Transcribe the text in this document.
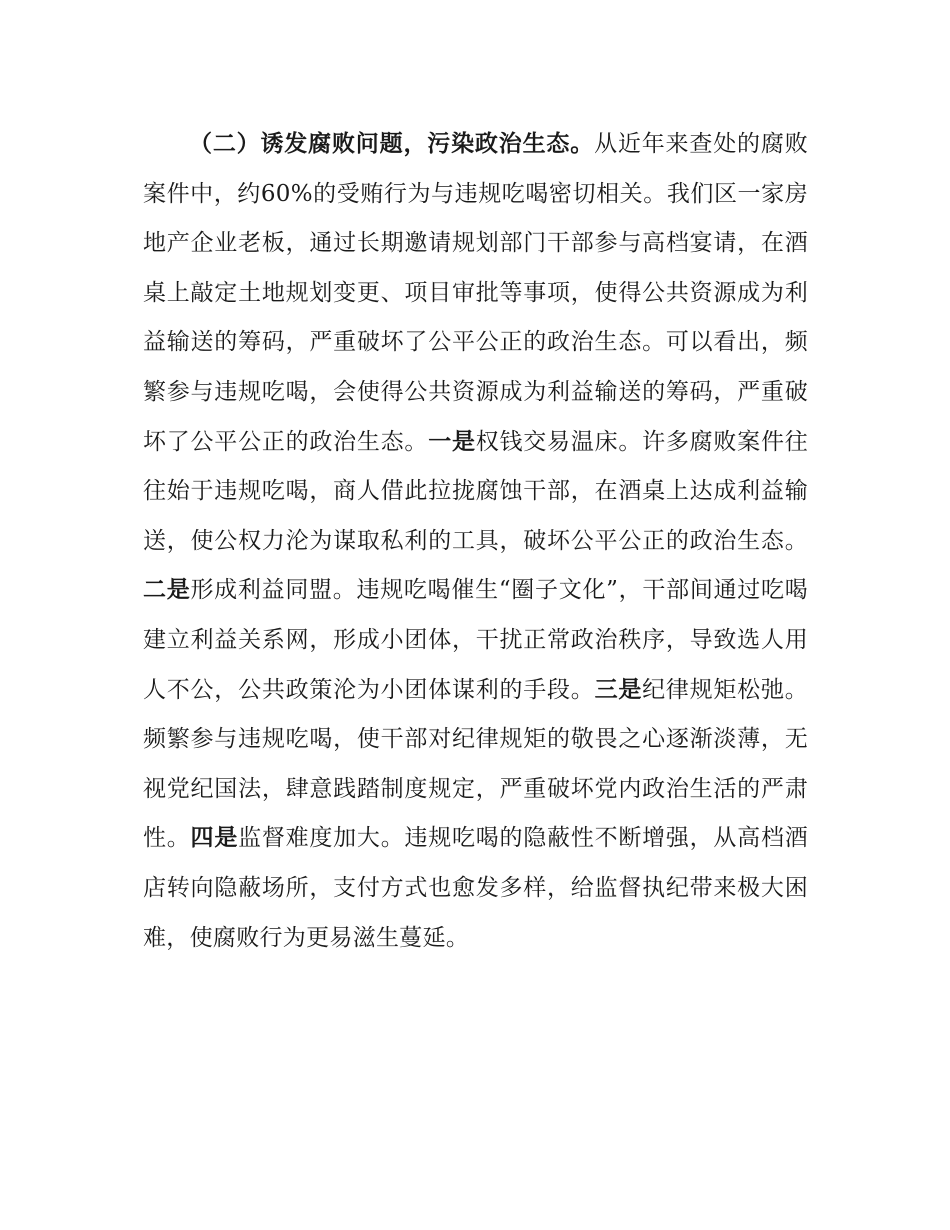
（二）诱发腐败问题，污染政治生态。从近年来查处的腐败案件中，约60%的受贿行为与违规吃喝密切相关。我们区一家房地产企业老板，通过长期邀请规划部门干部参与高档宴请，在酒桌上敲定土地规划变更、项目审批等事项，使得公共资源成为利益输送的筹码，严重破坏了公平公正的政治生态。可以看出，频繁参与违规吃喝，会使得公共资源成为利益输送的筹码，严重破坏了公平公正的政治生态。一是权钱交易温床。许多腐败案件往往始于违规吃喝，商人借此拉拢腐蚀干部，在酒桌上达成利益输送，使公权力沦为谋取私利的工具，破坏公平公正的政治生态。二是形成利益同盟。违规吃喝催生“圈子文化”，干部间通过吃喝建立利益关系网，形成小团体，干扰正常政治秩序，导致选人用人不公，公共政策沦为小团体谋利的手段。三是纪律规矩松弛。频繁参与违规吃喝，使干部对纪律规矩的敬畏之心逐渐淡薄，无视党纪国法，肆意践踏制度规定，严重破坏党内政治生活的严肃性。四是监督难度加大。违规吃喝的隐蔽性不断增强，从高档酒店转向隐蔽场所，支付方式也愈发多样，给监督执纪带来极大困难，使腐败行为更易滋生蔓延。
